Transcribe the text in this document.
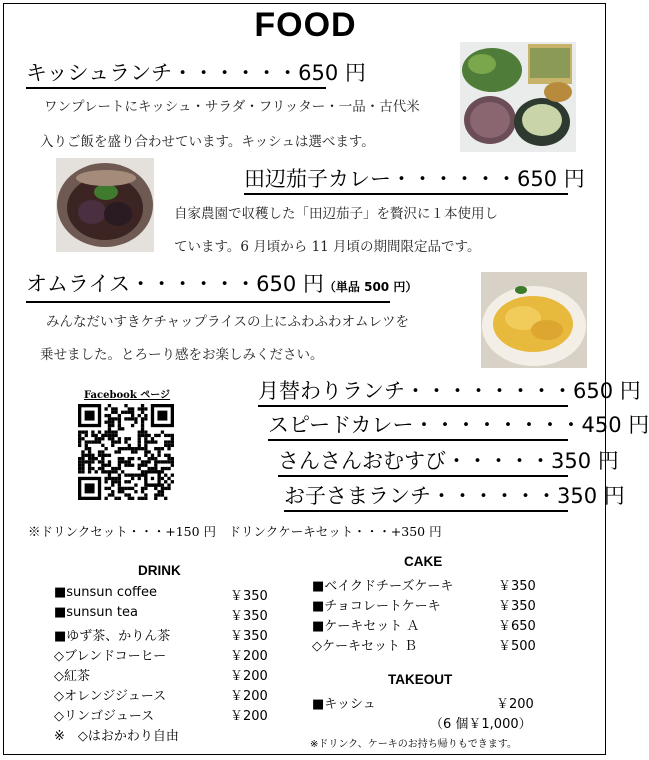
FOOD
キッシュランチ・・・・・・650 円
ワンプレートにキッシュ・サラダ・フリッター・一品・古代米
入りご飯を盛り合わせています。キッシュは選べます。
田辺茄子カレー・・・・・・650 円
自家農園で収穫した「田辺茄子」を贅沢に１本使用し
ています。6 月頃から 11 月頃の期間限定品です。
オムライス・・・・・・650 円（単品 500 円）
みんなだいすきケチャップライスの上にふわふわオムレツを
乗せました。とろーり感をお楽しみください。
Facebook ページ	月替わりランチ・・・・・・・・650 円
スピードカレー・・・・・・・・450 円
さんさんおむすび・・・・・350 円
お子さまランチ・・・・・・350 円
※ドリンクセット・・・+150 円　ドリンクケーキセット・・・+350 円
DRINK
■sunsun coffee	￥350
■sunsun tea	￥350
■ゆず茶、かりん茶	￥350
◇ブレンドコーヒー	￥200
◇紅茶	￥200
◇オレンジジュース	￥200
◇リンゴジュース	￥200
※　◇はおかわり自由
CAKE
■ベイクドチーズケーキ	￥350
■チョコレートケーキ	￥350
■ケーキセット Ａ	￥650
◇ケーキセット Ｂ	￥500
TAKEOUT
■キッシュ	￥200
（6 個￥1,000）
※ドリンク、ケーキのお持ち帰りもできます。
